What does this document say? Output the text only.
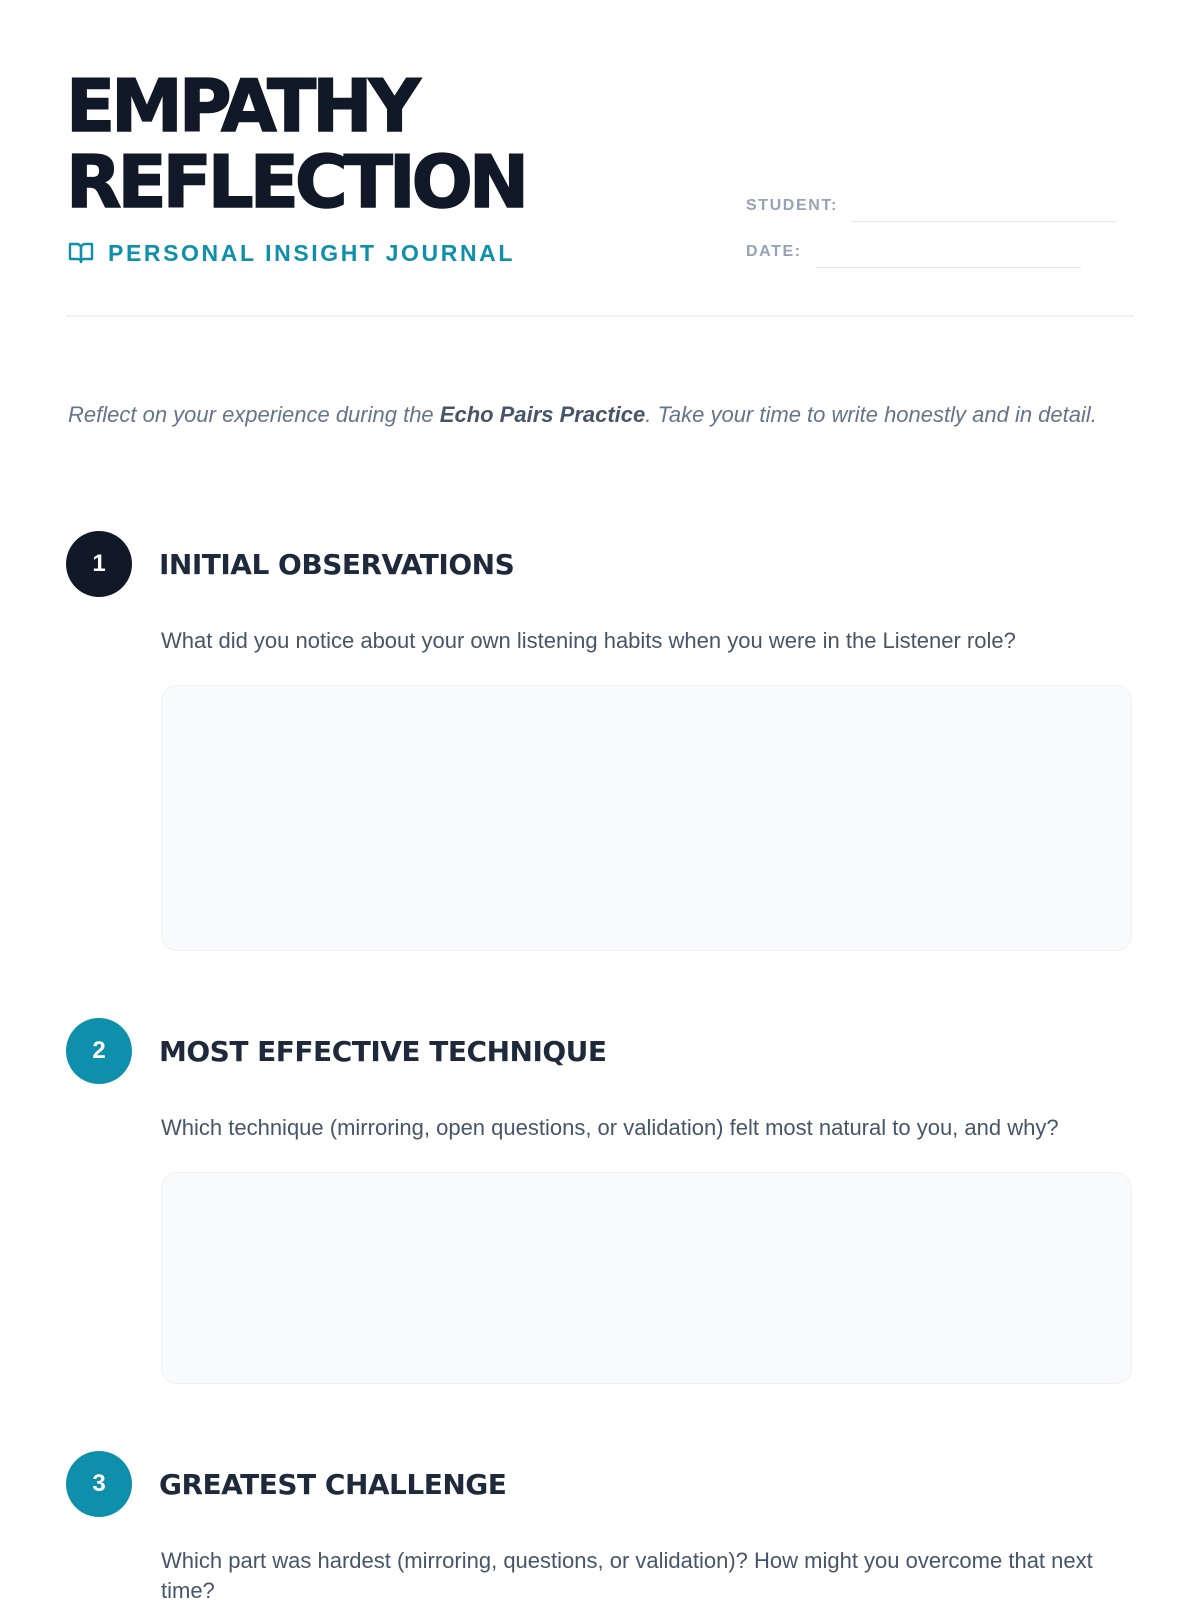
EMPATHY
REFLECTION
PERSONAL INSIGHT JOURNAL
STUDENT:
DATE:

Reflect on your experience during the Echo Pairs Practice. Take your time to write honestly and in detail.

1	INITIAL OBSERVATIONS

What did you notice about your own listening habits when you were in the Listener role?

2	MOST EFFECTIVE TECHNIQUE

Which technique (mirroring, open questions, or validation) felt most natural to you, and why?

3	GREATEST CHALLENGE

Which part was hardest (mirroring, questions, or validation)? How might you overcome that next time?
